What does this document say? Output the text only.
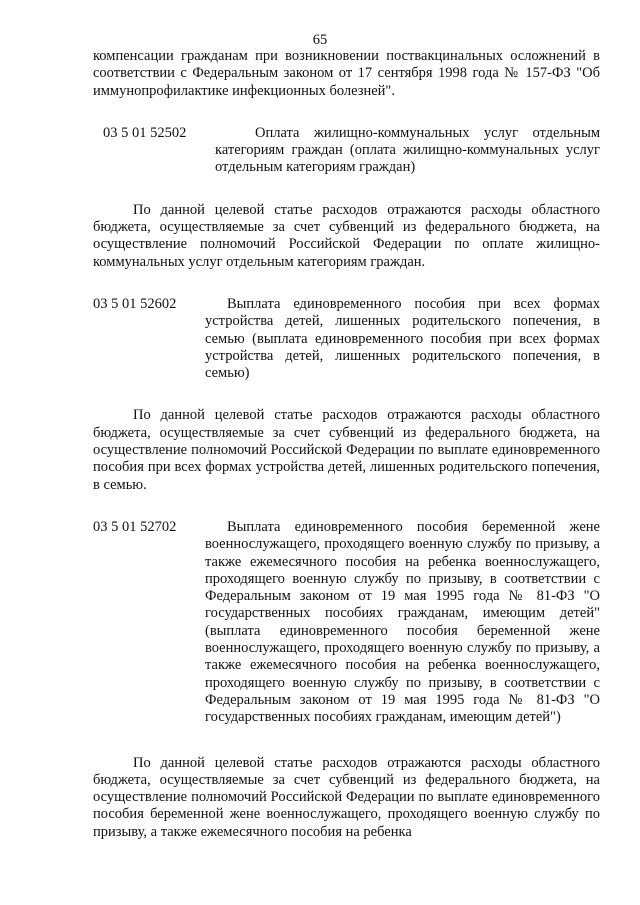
65

компенсации гражданам при возникновении поствакцинальных осложнений в соответствии с Федеральным законом от 17 сентября 1998 года № 157-ФЗ "Об иммунопрофилактике инфекционных болезней".

03 5 01 52502	Оплата жилищно-коммунальных услуг отдельным категориям граждан (оплата жилищно-коммунальных услуг отдельным категориям граждан)

По данной целевой статье расходов отражаются расходы областного бюджета, осуществляемые за счет субвенций из федерального бюджета, на осуществление полномочий Российской Федерации по оплате жилищно-коммунальных услуг отдельным категориям граждан.

03 5 01 52602	Выплата единовременного пособия при всех формах устройства детей, лишенных родительского попечения, в семью (выплата единовременного пособия при всех формах устройства детей, лишенных родительского попечения, в семью)

По данной целевой статье расходов отражаются расходы областного бюджета, осуществляемые за счет субвенций из федерального бюджета, на осуществление полномочий Российской Федерации по выплате единовременного пособия при всех формах устройства детей, лишенных родительского попечения, в семью.

03 5 01 52702	Выплата единовременного пособия беременной жене военнослужащего, проходящего военную службу по призыву, а также ежемесячного пособия на ребенка военнослужащего, проходящего военную службу по призыву, в соответствии с Федеральным законом от 19 мая 1995 года № 81-ФЗ "О государственных пособиях гражданам, имеющим детей" (выплата единовременного пособия беременной жене военнослужащего, проходящего военную службу по призыву, а также ежемесячного пособия на ребенка военнослужащего, проходящего военную службу по призыву, в соответствии с Федеральным законом от 19 мая 1995 года № 81-ФЗ "О государственных пособиях гражданам, имеющим детей")

По данной целевой статье расходов отражаются расходы областного бюджета, осуществляемые за счет субвенций из федерального бюджета, на осуществление полномочий Российской Федерации по выплате единовременного пособия беременной жене военнослужащего, проходящего военную службу по призыву, а также ежемесячного пособия на ребенка
